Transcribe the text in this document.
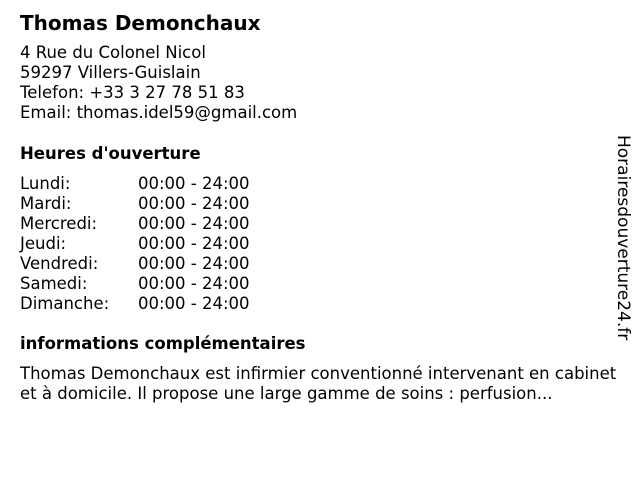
Thomas Demonchaux
4 Rue du Colonel Nicol
59297 Villers-Guislain
Telefon: +33 3 27 78 51 83
Email: thomas.idel59@gmail.com
Heures d'ouverture
Lundi:	00:00 - 24:00
Mardi:	00:00 - 24:00
Mercredi:	00:00 - 24:00
Jeudi:	00:00 - 24:00
Vendredi:	00:00 - 24:00
Samedi:	00:00 - 24:00
Dimanche:	00:00 - 24:00
informations complémentaires
Thomas Demonchaux est infirmier conventionné intervenant en cabinet et à domicile. Il propose une large gamme de soins : perfusion...
Horairesdouverture24.fr
